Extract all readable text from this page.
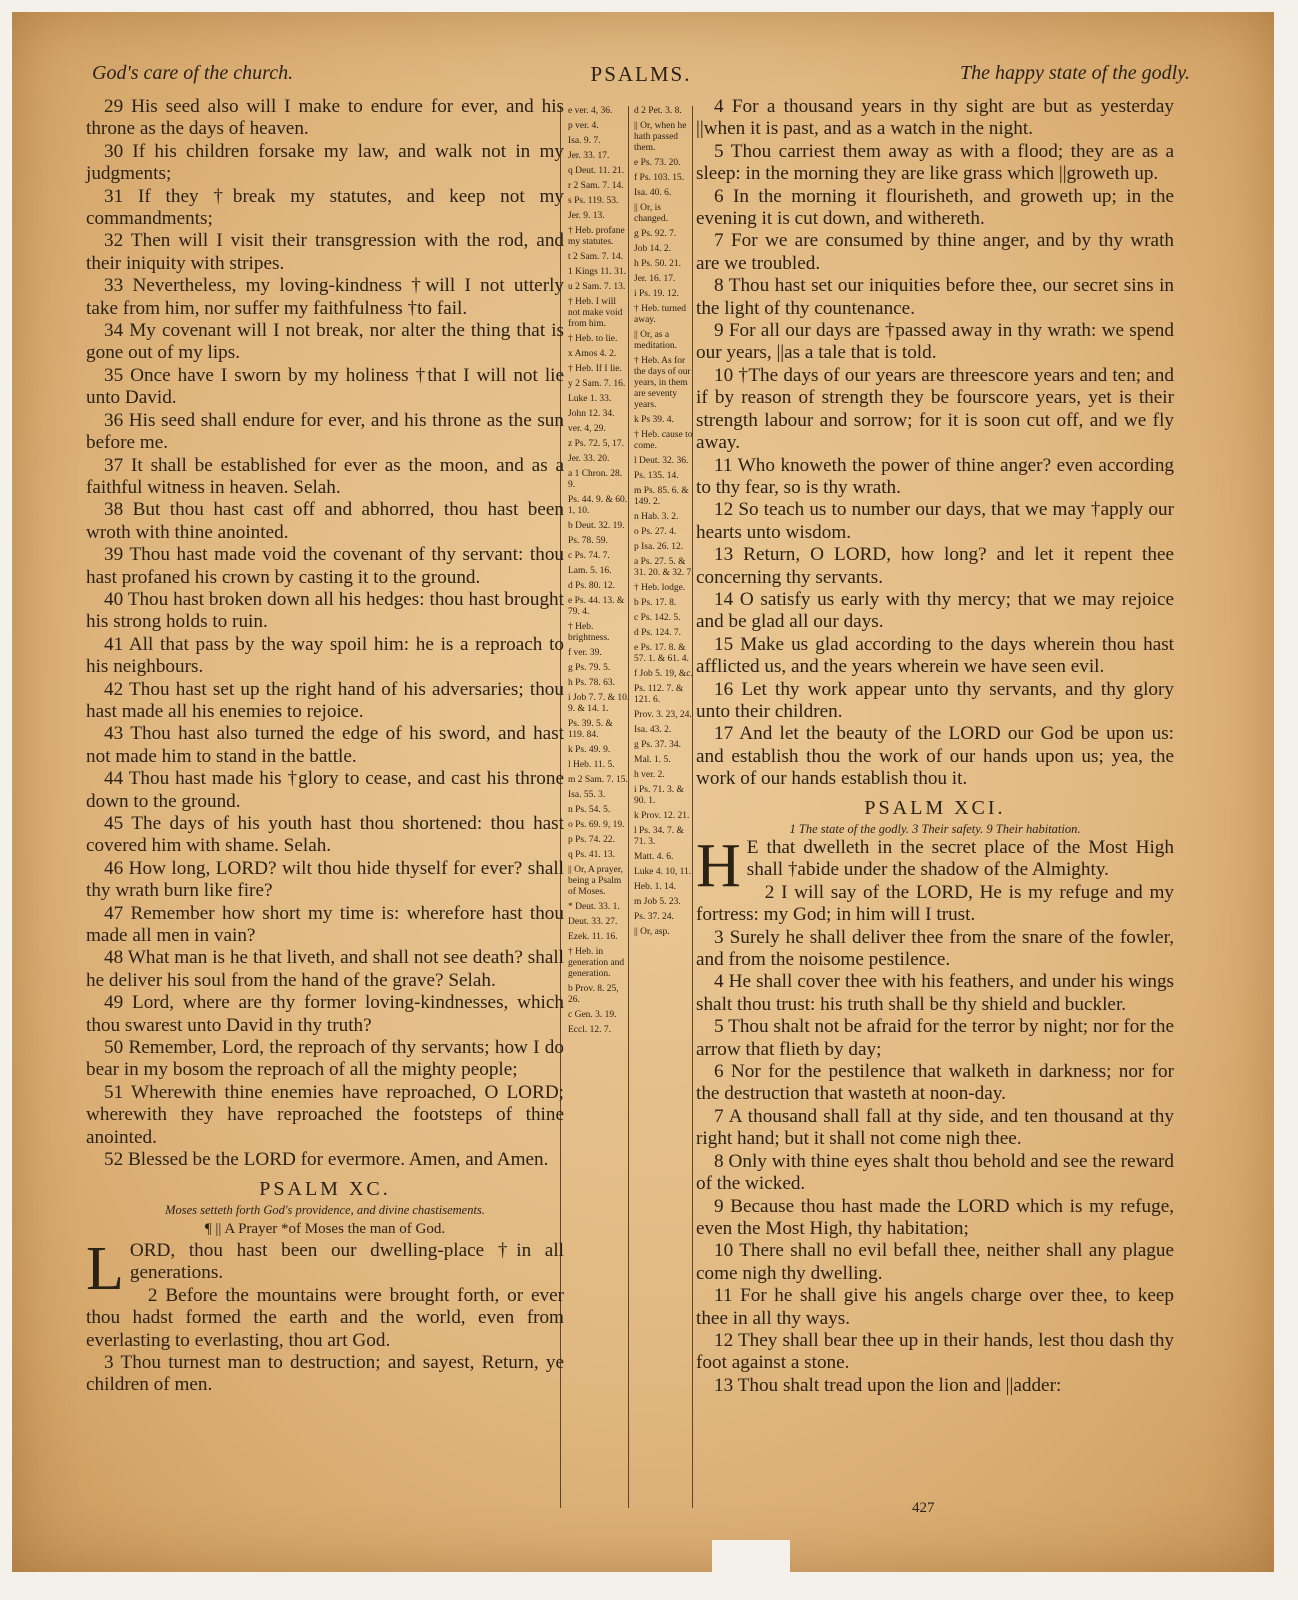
God's care of the church.	PSALMS.	The happy state of the godly.

29 His seed also will I make to endure for ever, and his throne as the days of heaven.

30 If his children forsake my law, and walk not in my judgments;

31 If they †break my statutes, and keep not my commandments;

32 Then will I visit their transgression with the rod, and their iniquity with stripes.

33 Nevertheless, my loving-kindness †will I not utterly take from him, nor suffer my faithfulness †to fail.

34 My covenant will I not break, nor alter the thing that is gone out of my lips.

35 Once have I sworn by my holiness †that I will not lie unto David.

36 His seed shall endure for ever, and his throne as the sun before me.

37 It shall be established for ever as the moon, and as a faithful witness in heaven. Selah.

38 But thou hast cast off and abhorred, thou hast been wroth with thine anointed.

39 Thou hast made void the covenant of thy servant: thou hast profaned his crown by casting it to the ground.

40 Thou hast broken down all his hedges: thou hast brought his strong holds to ruin.

41 All that pass by the way spoil him: he is a reproach to his neighbours.

42 Thou hast set up the right hand of his adversaries; thou hast made all his enemies to rejoice.

43 Thou hast also turned the edge of his sword, and hast not made him to stand in the battle.

44 Thou hast made his †glory to cease, and cast his throne down to the ground.

45 The days of his youth hast thou shortened: thou hast covered him with shame. Selah.

46 How long, LORD? wilt thou hide thyself for ever? shall thy wrath burn like fire?

47 Remember how short my time is: wherefore hast thou made all men in vain?

48 What man is he that liveth, and shall not see death? shall he deliver his soul from the hand of the grave? Selah.

49 Lord, where are thy former loving-kindnesses, which thou swarest unto David in thy truth?

50 Remember, Lord, the reproach of thy servants; how I do bear in my bosom the reproach of all the mighty people;

51 Wherewith thine enemies have reproached, O LORD; wherewith they have reproached the footsteps of thine anointed.

52 Blessed be the LORD for evermore. Amen, and Amen.

PSALM XC.
Moses setteth forth God's providence, and divine chastisements.
¶ || A Prayer *of Moses the man of God.

LORD, thou hast been our dwelling-place †in all generations.

2 Before the mountains were brought forth, or ever thou hadst formed the earth and the world, even from everlasting to everlasting, thou art God.

3 Thou turnest man to destruction; and sayest, Return, ye children of men.

e ver. 4, 36.
p ver. 4.
Isa. 9. 7.
Jer. 33. 17.
q Deut. 11. 21.
r 2 Sam. 7. 14.
s Ps. 119. 53.
Jer. 9. 13.
† Heb. profane my statutes.
t 2 Sam. 7. 14.
1 Kings 11. 31.
u 2 Sam. 7. 13.
† Heb. I will not make void from him.
† Heb. to lie.
x Amos 4. 2.
† Heb. If I lie.
y 2 Sam. 7. 16.
Luke 1. 33.
John 12. 34.
ver. 4, 29.
z Ps. 72. 5, 17.
Jer. 33. 20.
a 1 Chron. 28. 9.
Ps. 44. 9. & 60. 1, 10.
b Deut. 32. 19.
Ps. 78. 59.
c Ps. 74. 7.
Lam. 5. 16.
d Ps. 80. 12.
e Ps. 44. 13. & 79. 4.
† Heb. brightness.
f ver. 39.
g Ps. 79. 5.
h Ps. 78. 63.
i Job 7. 7. & 10. 9. & 14. 1.
Ps. 39. 5. & 119. 84.
k Ps. 49. 9.
l Heb. 11. 5.
m 2 Sam. 7. 15.
Isa. 55. 3.
n Ps. 54. 5.
o Ps. 69. 9, 19.
p Ps. 74. 22.
q Ps. 41. 13.
|| Or, A prayer, being a Psalm of Moses.
* Deut. 33. 1.
Deut. 33. 27.
Ezek. 11. 16.
† Heb. in generation and generation.
b Prov. 8. 25, 26.
c Gen. 3. 19.
Eccl. 12. 7.
d 2 Pet. 3. 8.
|| Or, when he hath passed them.
e Ps. 73. 20.
f Ps. 103. 15.
Isa. 40. 6.
|| Or, is changed.
g Ps. 92. 7.
Job 14. 2.
h Ps. 50. 21.
Jer. 16. 17.
i Ps. 19. 12.
† Heb. turned away.
|| Or, as a meditation.
† Heb. As for the days of our years, in them are seventy years.
k Ps 39. 4.
† Heb. cause to come.
l Deut. 32. 36.
Ps. 135. 14.
m Ps. 85. 6. & 149. 2.
n Hab. 3. 2.
o Ps. 27. 4.
p Isa. 26. 12.
a Ps. 27. 5. & 31. 20. & 32. 7.
† Heb. lodge.
b Ps. 17. 8.
c Ps. 142. 5.
d Ps. 124. 7.
e Ps. 17. 8. & 57. 1. & 61. 4.
f Job 5. 19, &c.
Ps. 112. 7. & 121. 6.
Prov. 3. 23, 24.
Isa. 43. 2.
g Ps. 37. 34.
Mal. 1. 5.
h ver. 2.
i Ps. 71. 3. & 90. 1.
k Prov. 12. 21.
l Ps. 34. 7. & 71. 3.
Matt. 4. 6.
Luke 4. 10, 11.
Heb. 1. 14.
m Job 5. 23.
Ps. 37. 24.
|| Or, asp.

4 For a thousand years in thy sight are but as yesterday ||when it is past, and as a watch in the night.

5 Thou carriest them away as with a flood; they are as a sleep: in the morning they are like grass which ||groweth up.

6 In the morning it flourisheth, and groweth up; in the evening it is cut down, and withereth.

7 For we are consumed by thine anger, and by thy wrath are we troubled.

8 Thou hast set our iniquities before thee, our secret sins in the light of thy countenance.

9 For all our days are †passed away in thy wrath: we spend our years, ||as a tale that is told.

10 †The days of our years are threescore years and ten; and if by reason of strength they be fourscore years, yet is their strength labour and sorrow; for it is soon cut off, and we fly away.

11 Who knoweth the power of thine anger? even according to thy fear, so is thy wrath.

12 So teach us to number our days, that we may †apply our hearts unto wisdom.

13 Return, O LORD, how long? and let it repent thee concerning thy servants.

14 O satisfy us early with thy mercy; that we may rejoice and be glad all our days.

15 Make us glad according to the days wherein thou hast afflicted us, and the years wherein we have seen evil.

16 Let thy work appear unto thy servants, and thy glory unto their children.

17 And let the beauty of the LORD our God be upon us: and establish thou the work of our hands upon us; yea, the work of our hands establish thou it.

PSALM XCI.
1 The state of the godly. 3 Their safety. 9 Their habitation.

H E that dwelleth in the secret place of the Most High shall †abide under the shadow of the Almighty.

2 I will say of the LORD, He is my refuge and my fortress: my God; in him will I trust.

3 Surely he shall deliver thee from the snare of the fowler, and from the noisome pestilence.

4 He shall cover thee with his feathers, and under his wings shalt thou trust: his truth shall be thy shield and buckler.

5 Thou shalt not be afraid for the terror by night; nor for the arrow that flieth by day;

6 Nor for the pestilence that walketh in darkness; nor for the destruction that wasteth at noon-day.

7 A thousand shall fall at thy side, and ten thousand at thy right hand; but it shall not come nigh thee.

8 Only with thine eyes shalt thou behold and see the reward of the wicked.

9 Because thou hast made the LORD which is my refuge, even the Most High, thy habitation;

10 There shall no evil befall thee, neither shall any plague come nigh thy dwelling.

11 For he shall give his angels charge over thee, to keep thee in all thy ways.

12 They shall bear thee up in their hands, lest thou dash thy foot against a stone.

13 Thou shalt tread upon the lion and ||adder:

427
